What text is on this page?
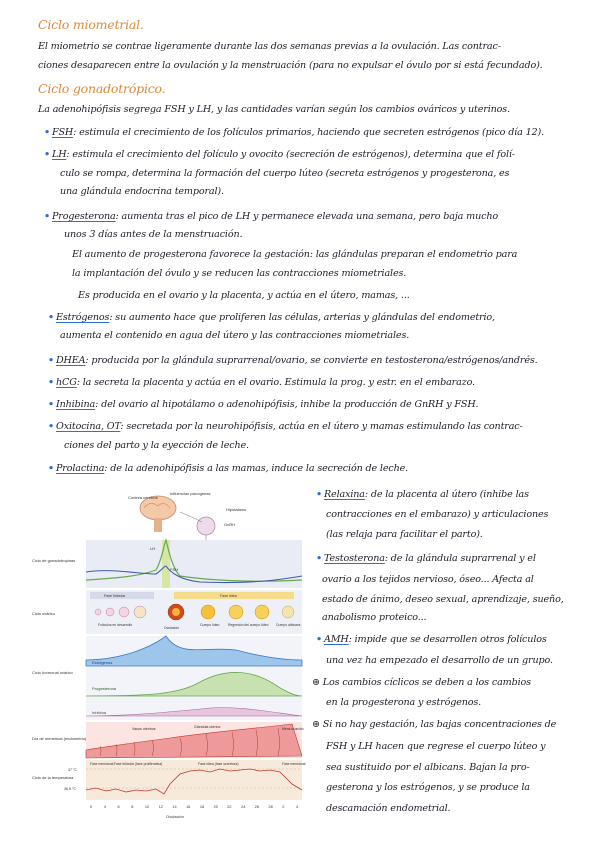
Ciclo miometrial.
El miometrio se contrae ligeramente durante las dos semanas previas a la ovulación. Las contrac-
ciones desaparecen entre la ovulación y la menstruación (para no expulsar el óvulo por si está fecundado).
Ciclo gonadotrópico.
La adenohipófisis segrega FSH y LH, y las cantidades varían según los cambios ováricos y uterinos.
• FSH: estimula el crecimiento de los folículos primarios, haciendo que secreten estrógenos (pico día 12).
• LH: estimula el crecimiento del folículo y ovocito (secreción de estrógenos), determina que el folí-
culo se rompa, determina la formación del cuerpo lúteo (secreta estrógenos y progesterona, es
una glándula endocrina temporal).
• Progesterona: aumenta tras el pico de LH y permanece elevada una semana, pero baja mucho
unos 3 días antes de la menstruación.
El aumento de progesterona favorece la gestación: las glándulas preparan el endometrio para
la implantación del óvulo y se reducen las contracciones miometriales.
Es producida en el ovario y la placenta, y actúa en el útero, mamas, ...
• Estrógenos: su aumento hace que proliferen las células, arterias y glándulas del endometrio,
aumenta el contenido en agua del útero y las contracciones miometriales.
• DHEA: producida por la glándula suprarrenal/ovario, se convierte en testosterona/estrógenos/andrés.
• hCG: la secreta la placenta y actúa en el ovario. Estimula la prog. y estr. en el embarazo.
• Inhibina: del ovario al hipotálamo o adenohipófisis, inhibe la producción de GnRH y FSH.
• Oxitocina, OT: secretada por la neurohipófisis, actúa en el útero y mamas estimulando las contrac-
ciones del parto y la eyección de leche.
• Prolactina: de la adenohipófisis a las mamas, induce la secreción de leche.
• Relaxina: de la placenta al útero (inhibe las
contracciones en el embarazo) y articulaciones
(las relaja para facilitar el parto).
• Testosterona: de la glándula suprarrenal y el
ovario a los tejidos nervioso, óseo... Afecta al
estado de ánimo, deseo sexual, aprendizaje, sueño,
anabolismo proteico...
• AMH: impide que se desarrollen otros folículos
una vez ha empezado el desarrollo de un grupo.
⊛ Los cambios cíclicos se deben a los cambios
en la progesterona y estrógenos.
⊛ Si no hay gestación, las bajas concentraciones de
FSH y LH hacen que regrese el cuerpo lúteo y
sea sustituido por el albicans. Bajan la pro-
gesterona y los estrógenos, y se produce la
descamación endometrial.
Corteza cerebral
Influencias psicógenas
Hipotálamo
GnRH
Ciclo de gonadotropinas
Ciclo ovárico
Ciclo hormonal ovárico
Día de menstrual (endometrio)
Ciclo de la temperatura
LH
FSH
Fase folicular	Fase lútea
Folículos en desarrollo
Ovulación
Cuerpo lúteo	Regresión del cuerpo lúteo Cuerpo albicans
Estrógenos
Progesterona
Inhibina
Vasos uterinos	Glándula uterina	Mens-truación
37 °C
36.5 °C
Fase menstrual Fase folicular (fase proliferativa)	Fase lútea (fase secretora)	Fase menstrual
0	4	6	8	10	12 14 16	18 20 22	24 26 28	2	4
Ovulación
